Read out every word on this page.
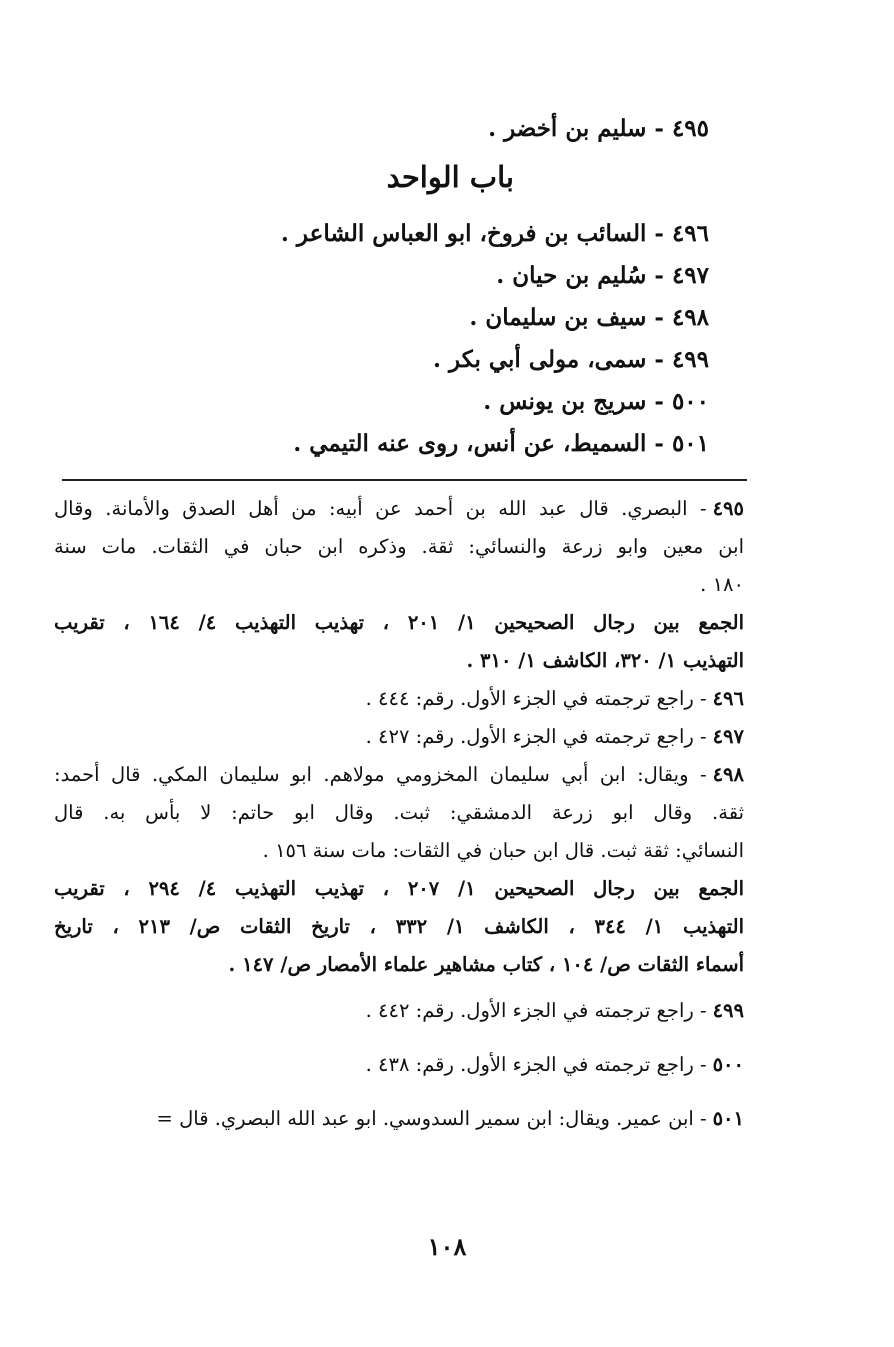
٤٩٥- سليم بن أخضر .
باب الواحد
٤٩٦- السائب بن فروخ، ابو العباس الشاعر .
٤٩٧- سُليم بن حيان .
٤٩٨- سيف بن سليمان .
٤٩٩- سمى، مولى أبي بكر .
٥٠٠- سريج بن يونس .
٥٠١- السميط، عن أنس، روى عنه التيمي .
٤٩٥- البصري. قال عبد الله بن أحمد عن أبيه: من أهل الصدق والأمانة. وقال
ابن معين وابو زرعة والنسائي: ثقة. وذكره ابن حبان في الثقات. مات سنة
١٨٠ .
الجمع بين رجال الصحيحين ١/ ٢٠١ ، تهذيب التهذيب ٤/ ١٦٤ ، تقريب
التهذيب ١/ ٣٢٠، الكاشف ١/ ٣١٠ .
٤٩٦- راجع ترجمته في الجزء الأول. رقم: ٤٤٤ .
٤٩٧- راجع ترجمته في الجزء الأول. رقم: ٤٢٧ .
٤٩٨- ويقال: ابن أبي سليمان المخزومي مولاهم. ابو سليمان المكي. قال أحمد:
ثقة. وقال ابو زرعة الدمشقي: ثبت. وقال ابو حاتم: لا بأس به. قال
النسائي: ثقة ثبت. قال ابن حبان في الثقات: مات سنة ١٥٦ .
الجمع بين رجال الصحيحين ١/ ٢٠٧ ، تهذيب التهذيب ٤/ ٢٩٤ ، تقريب
التهذيب ١/ ٣٤٤ ، الكاشف ١/ ٣٣٢ ، تاريخ الثقات ص/ ٢١٣ ، تاريخ
أسماء الثقات ص/ ١٠٤ ، كتاب مشاهير علماء الأمصار ص/ ١٤٧ .
٤٩٩- راجع ترجمته في الجزء الأول. رقم: ٤٤٢ .
٥٠٠- راجع ترجمته في الجزء الأول. رقم: ٤٣٨ .
٥٠١- ابن عمير. ويقال: ابن سمير السدوسي. ابو عبد الله البصري. قال =
١٠٨
